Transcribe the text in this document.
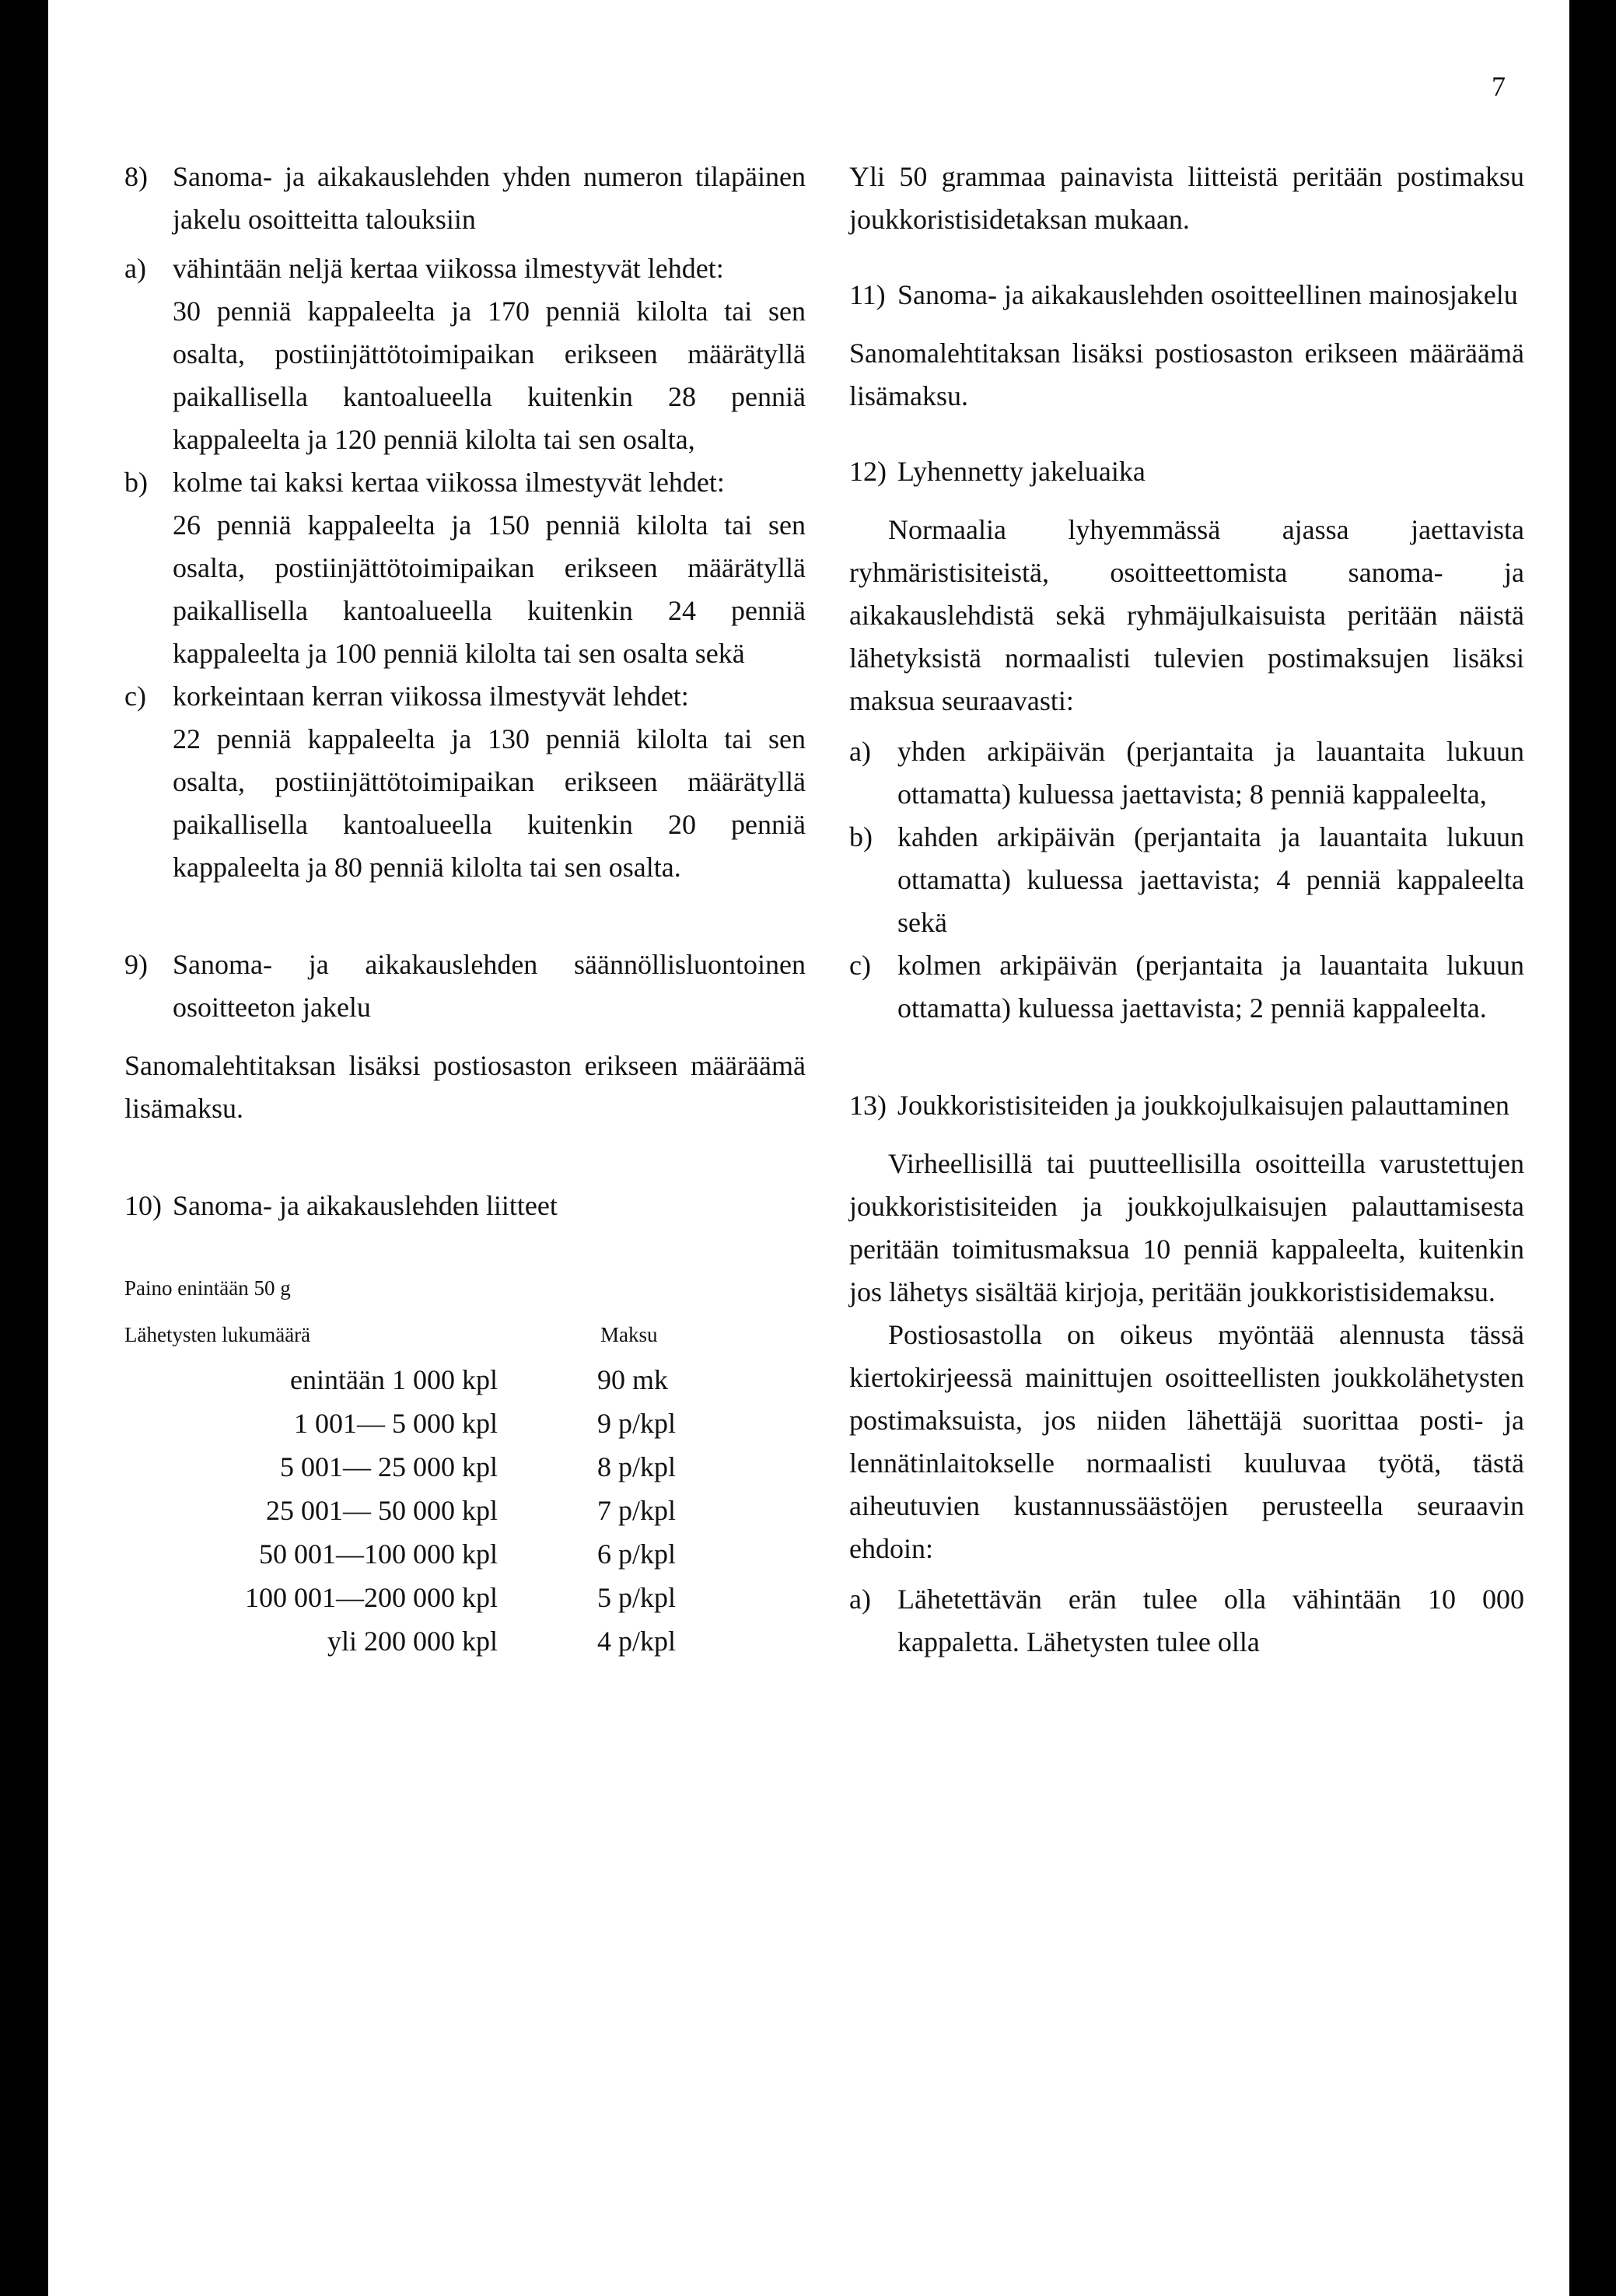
7

8) Sanoma- ja aikakauslehden yhden numeron tilapäinen jakelu osoitteitta talouksiin

a) vähintään neljä kertaa viikossa ilmestyvät lehdet:

30 penniä kappaleelta ja 170 penniä kilolta tai sen osalta, postiinjättötoimipaikan erikseen määrätyllä paikallisella kantoalueella kuitenkin 28 penniä kappaleelta ja 120 penniä kilolta tai sen osalta,

b) kolme tai kaksi kertaa viikossa ilmestyvät lehdet:

26 penniä kappaleelta ja 150 penniä kilolta tai sen osalta, postiinjättötoimipaikan erikseen määrätyllä paikallisella kantoalueella kuitenkin 24 penniä kappaleelta ja 100 penniä kilolta tai sen osalta sekä

c) korkeintaan kerran viikossa ilmestyvät lehdet:

22 penniä kappaleelta ja 130 penniä kilolta tai sen osalta, postiinjättötoimipaikan erikseen määrätyllä paikallisella kantoalueella kuitenkin 20 penniä kappaleelta ja 80 penniä kilolta tai sen osalta.

9) Sanoma- ja aikakauslehden säännöllisluontoinen osoitteeton jakelu

Sanomalehtitaksan lisäksi postiosaston erikseen määräämä lisämaksu.

10) Sanoma- ja aikakauslehden liitteet

Paino enintään 50 g

Lähetysten lukumäärä	Maksu

enintään 1 000 kpl		90 mk
1 001— 5 000 kpl		9 p/kpl
5 001— 25 000 kpl		8 p/kpl
25 001— 50 000 kpl		7 p/kpl
50 001—100 000 kpl		6 p/kpl
100 001—200 000 kpl		5 p/kpl
yli 200 000 kpl		4 p/kpl

Yli 50 grammaa painavista liitteistä peritään postimaksu joukkoristisidetaksan mukaan.

11) Sanoma- ja aikakauslehden osoitteellinen mainosjakelu

Sanomalehtitaksan lisäksi postiosaston erikseen määräämä lisämaksu.

12) Lyhennetty jakeluaika

Normaalia lyhyemmässä ajassa jaettavista ryhmäristisiteistä, osoitteettomista sanoma- ja aikakauslehdistä sekä ryhmäjulkaisuista peritään näistä lähetyksistä normaalisti tulevien postimaksujen lisäksi maksua seuraavasti:

a) yhden arkipäivän (perjantaita ja lauantaita lukuun ottamatta) kuluessa jaettavista; 8 penniä kappaleelta,

b) kahden arkipäivän (perjantaita ja lauantaita lukuun ottamatta) kuluessa jaettavista; 4 penniä kappaleelta sekä

c) kolmen arkipäivän (perjantaita ja lauantaita lukuun ottamatta) kuluessa jaettavista; 2 penniä kappaleelta.

13) Joukkoristisiteiden ja joukkojulkaisujen palauttaminen

Virheellisillä tai puutteellisilla osoitteilla varustettujen joukkoristisiteiden ja joukkojulkaisujen palauttamisesta peritään toimitusmaksua 10 penniä kappaleelta, kuitenkin jos lähetys sisältää kirjoja, peritään joukkoristisidemaksu.

Postiosastolla on oikeus myöntää alennusta tässä kiertokirjeessä mainittujen osoitteellisten joukkolähetysten postimaksuista, jos niiden lähettäjä suorittaa posti- ja lennätinlaitokselle normaalisti kuuluvaa työtä, tästä aiheutuvien kustannussäästöjen perusteella seuraavin ehdoin:

a) Lähetettävän erän tulee olla vähintään 10 000 kappaletta. Lähetysten tulee olla
